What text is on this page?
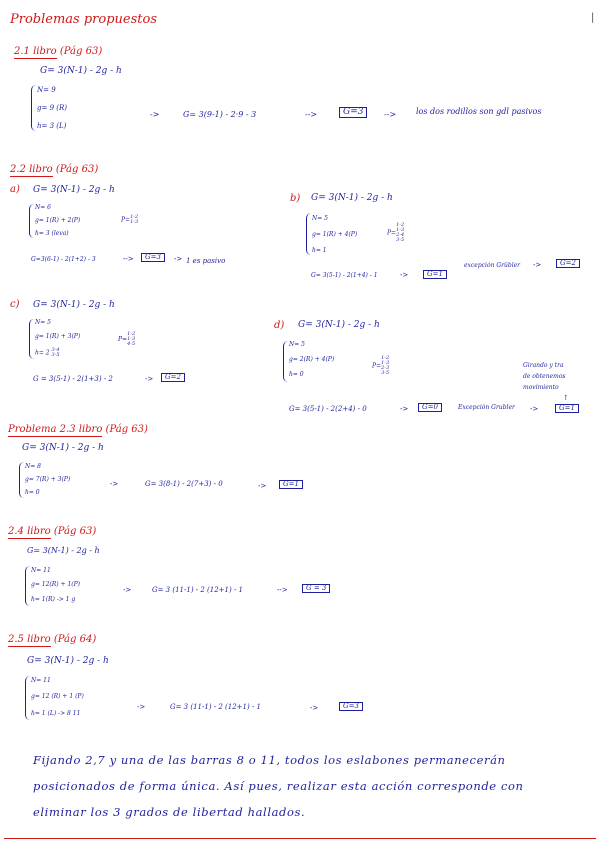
Problemas propuestos	|
2.1 libro (Pág 63)
G= 3(N-1) - 2g - h
N= 9
g= 9 (R)
h= 3 (L)
->	G= 3(9-1) - 2·9 - 3	-->	G=3	--> los dos rodillos son gdl pasivos
2.2 libro (Pág 63)
a) G= 3(N-1) - 2g - h
N= 6
g= 1(R) + 2(P)
h= 3 (leva)
P=1-2
1-3
G=3(6-1) - 2(1+2) - 3	-->	G=3	-> 1 es pasivo
b) G= 3(N-1) - 2g - h
N= 5
g= 1(R) + 4(P)
h= 1
P=1-2
1-3
2-4
3-5
excepción Grübler ->	G=2
G= 3(5-1) - 2(1+4) - 1	->	G=1
c) G= 3(N-1) - 2g - h
N= 5
g= 1(R) + 3(P)
h= 2 3-4
3-5
P=1-2
1-3
4-5
G = 3(5-1) - 2(1+3) - 2	->	G=2
d) G= 3(N-1) - 2g - h
N= 5
g= 2(R) + 4(P)
h= 0
P=1-2
1-3
2-3
3-5
Girando y tra
de obtenemos
movimiento
↑
G= 3(5-1) - 2(2+4) - 0	->	G=0	Excepción Grubler ->	G=1
Problema 2.3 libro (Pág 63)
G= 3(N-1) - 2g - h
N= 8
g= 7(R) + 3(P)
h= 0
->	G= 3(8-1) - 2(7+3) - 0	->	G=1
2.4 libro (Pág 63)
G= 3(N-1) - 2g - h
N= 11
g= 12(R) + 1(P)
h= 1(R) -> 1 g
->	G= 3 (11-1) - 2 (12+1) - 1	-->	G = 3
2.5 libro (Pág 64)
G= 3(N-1) - 2g - h
N= 11
g= 12 (R) + 1 (P)
h= 1 (L) -> 8 11
->	G= 3 (11-1) - 2 (12+1) - 1	->	G=3
Fijando 2,7 y una de las barras 8 o 11, todos los eslabones permanecerán
posicionados de forma única. Así pues, realizar esta acción corresponde con
eliminar los 3 grados de libertad hallados.
